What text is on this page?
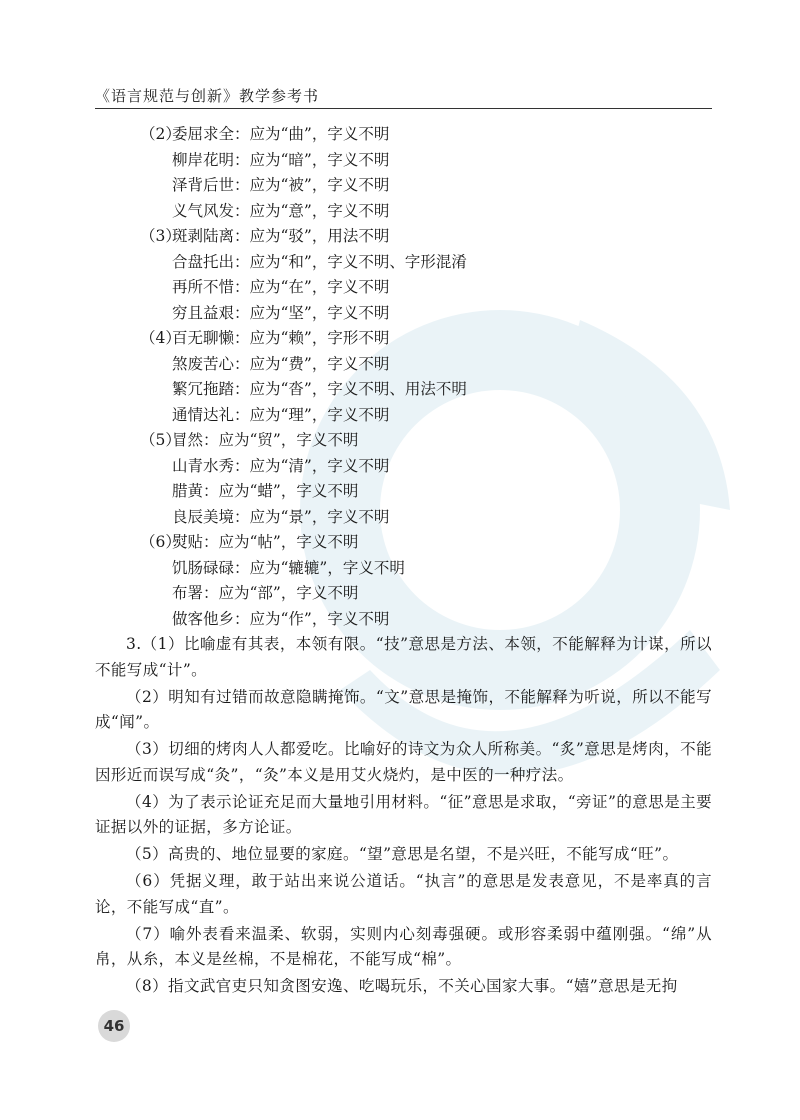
《语言规范与创新》教学参考书
（2）委屈求全：应为“曲”，字义不明
柳岸花明：应为“暗”，字义不明
泽背后世：应为“被”，字义不明
义气风发：应为“意”，字义不明
（3）斑剥陆离：应为“驳”，用法不明
合盘托出：应为“和”，字义不明、字形混淆
再所不惜：应为“在”，字义不明
穷且益艰：应为“坚”，字义不明
（4）百无聊懒：应为“赖”，字形不明
煞废苦心：应为“费”，字义不明
繁冗拖踏：应为“沓”，字义不明、用法不明
通情达礼：应为“理”，字义不明
（5）冒然：应为“贸”，字义不明
山青水秀：应为“清”，字义不明
腊黄：应为“蜡”，字义不明
良辰美境：应为“景”，字义不明
（6）熨贴：应为“帖”，字义不明
饥肠碌碌：应为“辘辘”，字义不明
布署：应为“部”，字义不明
做客他乡：应为“作”，字义不明

3.（1）比喻虚有其表，本领有限。“技”意思是方法、本领，不能解释为计谋，所以不能写成“计”。

（2）明知有过错而故意隐瞒掩饰。“文”意思是掩饰，不能解释为听说，所以不能写成“闻”。

（3）切细的烤肉人人都爱吃。比喻好的诗文为众人所称美。“炙”意思是烤肉，不能因形近而误写成“灸”，“灸”本义是用艾火烧灼，是中医的一种疗法。

（4）为了表示论证充足而大量地引用材料。“征”意思是求取，“旁证”的意思是主要证据以外的证据，多方论证。

（5）高贵的、地位显要的家庭。“望”意思是名望，不是兴旺，不能写成“旺”。

（6）凭据义理，敢于站出来说公道话。“执言”的意思是发表意见，不是率真的言论，不能写成“直”。

（7）喻外表看来温柔、软弱，实则内心刻毒强硬。或形容柔弱中蕴刚强。“绵”从帛，从糸，本义是丝棉，不是棉花，不能写成“棉”。

（8）指文武官吏只知贪图安逸、吃喝玩乐，不关心国家大事。“嬉”意思是无拘

46
